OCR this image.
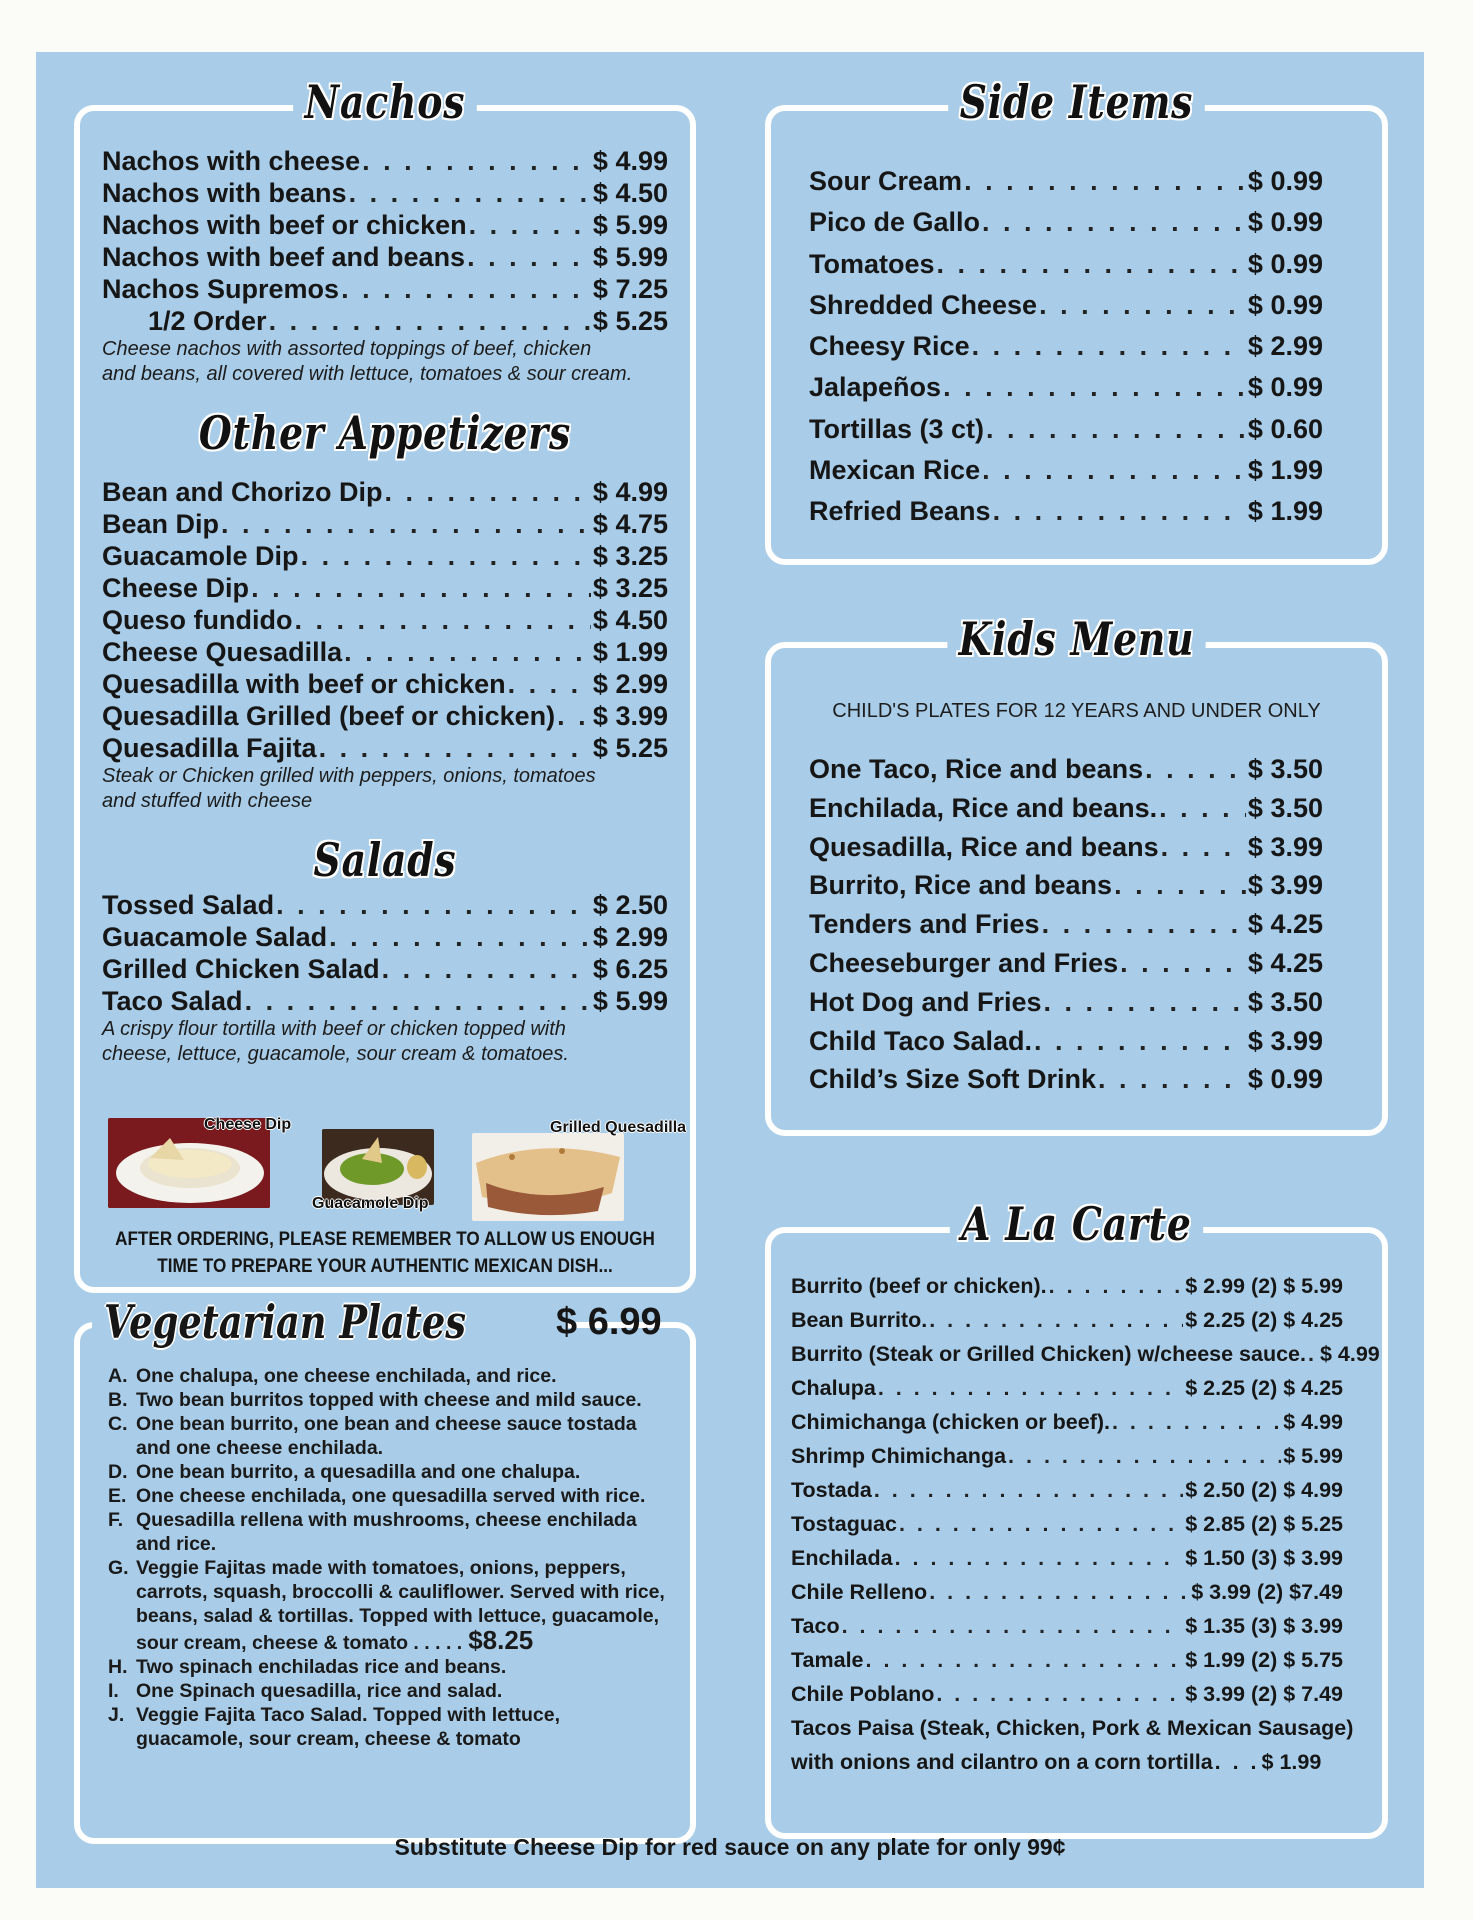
Nachos
Nachos with cheese . . .	$ 4.99
Nachos with beans . . .	$ 4.50
Nachos with beef or chicken . . .	$ 5.99
Nachos with beef and beans . . .	$ 5.99
Nachos Supremos . . .	$ 7.25
1/2 Order . . .	$ 5.25
Cheese nachos with assorted toppings of beef, chicken
and beans, all covered with lettuce, tomatoes & sour cream.
Other Appetizers
Bean and Chorizo Dip . . .	$ 4.99
Bean Dip . . .	$ 4.75
Guacamole Dip . . .	$ 3.25
Cheese Dip . . .	$ 3.25
Queso fundido . . .	$ 4.50
Cheese Quesadilla . . .	$ 1.99
Quesadilla with beef or chicken . . .	$ 2.99
Quesadilla Grilled (beef or chicken) . . . $ 3.99
Quesadilla Fajita . . .	$ 5.25
Steak or Chicken grilled with peppers, onions, tomatoes
and stuffed with cheese
Salads
Tossed Salad . . .	$ 2.50
Guacamole Salad . . .	$ 2.99
Grilled Chicken Salad . . .	$ 6.25
Taco Salad . . .	$ 5.99
A crispy flour tortilla with beef or chicken topped with
cheese, lettuce, guacamole, sour cream & tomatoes.
Cheese Dip
Guacamole Dip
Grilled Quesadilla
AFTER ORDERING, PLEASE REMEMBER TO ALLOW US ENOUGH
TIME TO PREPARE YOUR AUTHENTIC MEXICAN DISH...
Vegetarian Plates $ 6.99
A. One chalupa, one cheese enchilada, and rice.
B. Two bean burritos topped with cheese and mild sauce.
C. One bean burrito, one bean and cheese sauce tostada and one cheese enchilada.
D. One bean burrito, a quesadilla and one chalupa.
E. One cheese enchilada, one quesadilla served with rice.
F. Quesadilla rellena with mushrooms, cheese enchilada and rice.
G. Veggie Fajitas made with tomatoes, onions, peppers, carrots, squash, broccolli & cauliflower. Served with rice, beans, salad & tortillas. Topped with lettuce, guacamole, sour cream, cheese & tomato . . . . . $8.25
H. Two spinach enchiladas rice and beans.
I. One Spinach quesadilla, rice and salad.
J. Veggie Fajita Taco Salad. Topped with lettuce, guacamole, sour cream, cheese & tomato
Side Items
Sour Cream . . .	$ 0.99
Pico de Gallo . . .	$ 0.99
Tomatoes . . .	$ 0.99
Shredded Cheese . . .	$ 0.99
Cheesy Rice . . .	$ 2.99
Jalapeños . . .	$ 0.99
Tortillas (3 ct) . . .	$ 0.60
Mexican Rice . . .	$ 1.99
Refried Beans . . .	$ 1.99
Kids Menu
CHILD'S PLATES FOR 12 YEARS AND UNDER ONLY
One Taco, Rice and beans . . .	$ 3.50
Enchilada, Rice and beans. . . .	$ 3.50
Quesadilla, Rice and beans . . .	$ 3.99
Burrito, Rice and beans . . .	$ 3.99
Tenders and Fries . . .	$ 4.25
Cheeseburger and Fries . . .	$ 4.25
Hot Dog and Fries . . .	$ 3.50
Child Taco Salad. . . .	$ 3.99
Child’s Size Soft Drink . . .	$ 0.99
A La Carte
Burrito (beef or chicken). . . .	$ 2.99 (2) $ 5.99
Bean Burrito. . . .	$ 2.25 (2) $ 4.25
Burrito (Steak or Grilled Chicken) w/cheese sauce. . . . $ 4.99
Chalupa . . .	$ 2.25 (2) $ 4.25
Chimichanga (chicken or beef). . . .	$ 4.99
Shrimp Chimichanga . . .	$ 5.99
Tostada . . .	$ 2.50 (2) $ 4.99
Tostaguac . . .	$ 2.85 (2) $ 5.25
Enchilada . . .	$ 1.50 (3) $ 3.99
Chile Relleno . . .	$ 3.99 (2) $7.49
Taco . . .	$ 1.35 (3) $ 3.99
Tamale . . .	$ 1.99 (2) $ 5.75
Chile Poblano . . .	$ 3.99 (2) $ 7.49
Tacos Paisa (Steak, Chicken, Pork & Mexican Sausage)
with onions and cilantro on a corn tortilla . . . $ 1.99
Substitute Cheese Dip for red sauce on any plate for only 99¢
